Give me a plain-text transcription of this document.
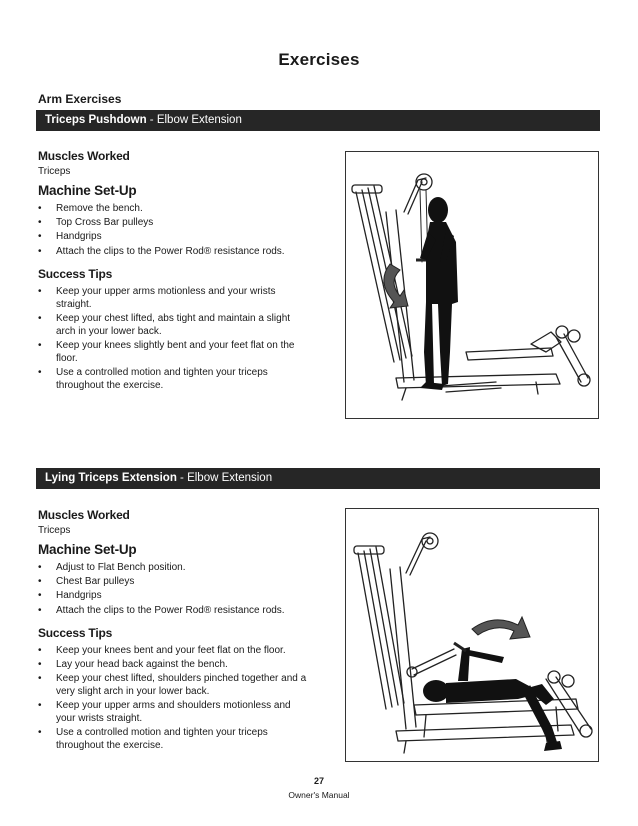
Exercises
Arm Exercises
Triceps Pushdown - Elbow Extension

Muscles Worked

Triceps

Machine Set-Up

• Remove the bench.
• Top Cross Bar pulleys
• Handgrips
• Attach the clips to the Power Rod® resistance rods.

Success Tips

• Keep your upper arms motionless and your wrists straight.
• Keep your chest lifted, abs tight and maintain a slight arch in your lower back.
• Keep your knees slightly bent and your feet flat on the floor.
• Use a controlled motion and tighten your triceps throughout the exercise.
Lying Triceps Extension - Elbow Extension

Muscles Worked

Triceps

Machine Set-Up

• Adjust to Flat Bench position.
• Chest Bar pulleys
• Handgrips
• Attach the clips to the Power Rod® resistance rods.

Success Tips

• Keep your knees bent and your feet flat on the floor.
• Lay your head back against the bench.
• Keep your chest lifted, shoulders pinched together and a very slight arch in your lower back.
• Keep your upper arms and shoulders motionless and your wrists straight.
• Use a controlled motion and tighten your triceps throughout the exercise.
27
Owner's Manual
